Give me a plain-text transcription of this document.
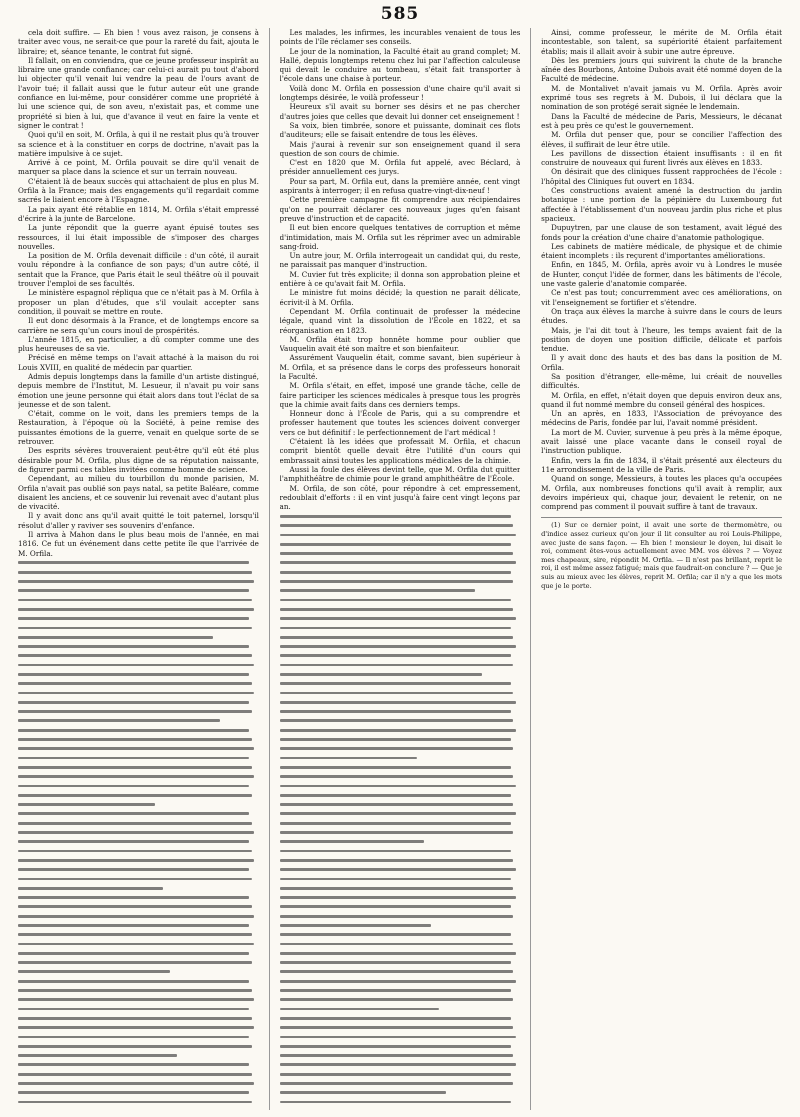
585

cela doit suffire. — Eh bien ! vous avez raison, je consens à traiter avec vous, ne serait-ce que pour la rareté du fait, ajouta le libraire; et, séance tenante, le contrat fut signé.

Il fallait, on en conviendra, que ce jeune professeur inspirât au libraire une grande confiance; car celui-ci aurait pu tout d'abord lui objecter qu'il venait lui vendre la peau de l'ours avant de l'avoir tué; il fallait aussi que le futur auteur eût une grande confiance en lui-même, pour considérer comme une propriété à lui une science qui, de son aveu, n'existait pas, et comme une propriété si bien à lui, que d'avance il veut en faire la vente et signer le contrat !

Quoi qu'il en soit, M. Orfila, à qui il ne restait plus qu'à trouver sa science et à la constituer en corps de doctrine, n'avait pas la matière impulsive à ce sujet.

Arrivé à ce point, M. Orfila pouvait se dire qu'il venait de marquer sa place dans la science et sur un terrain nouveau.

C'étaient là de beaux succès qui attachaient de plus en plus M. Orfila à la France; mais des engagements qu'il regardait comme sacrés le liaient encore à l'Espagne.

La paix ayant été rétablie en 1814, M. Orfila s'était empressé d'écrire à la junte de Barcelone.

La junte répondit que la guerre ayant épuisé toutes ses ressources, il lui était impossible de s'imposer des charges nouvelles.

La position de M. Orfila devenait difficile : d'un côté, il aurait voulu répondre à la confiance de son pays; d'un autre côté, il sentait que la France, que Paris était le seul théâtre où il pouvait trouver l'emploi de ses facultés.

Le ministère espagnol répliqua que ce n'était pas à M. Orfila à proposer un plan d'études, que s'il voulait accepter sans condition, il pouvait se mettre en route.

Il eut donc désormais à la France, et de longtemps encore sa carrière ne sera qu'un cours inouï de prospérités.

L'année 1815, en particulier, a dû compter comme une des plus heureuses de sa vie.

Précisé en même temps on l'avait attaché à la maison du roi Louis XVIII, en qualité de médecin par quartier.

Admis depuis longtemps dans la famille d'un artiste distingué, depuis membre de l'Institut, M. Lesueur, il n'avait pu voir sans émotion une jeune personne qui était alors dans tout l'éclat de sa jeunesse et de son talent.

C'était, comme on le voit, dans les premiers temps de la Restauration, à l'époque où la Société, à peine remise des puissantes émotions de la guerre, venait en quelque sorte de se retrouver.

Des esprits sévères trouveraient peut-être qu'il eût été plus désirable pour M. Orfila, plus digne de sa réputation naissante, de figurer parmi ces tables invitées comme homme de science.

Cependant, au milieu du tourbillon du monde parisien, M. Orfila n'avait pas oublié son pays natal, sa petite Baléare, comme disaient les anciens, et ce souvenir lui revenait avec d'autant plus de vivacité.

Il y avait donc ans qu'il avait quitté le toit paternel, lorsqu'il résolut d'aller y raviver ses souvenirs d'enfance.

Il arriva à Mahon dans le plus beau mois de l'année, en mai 1816. Ce fut un événement dans cette petite île que l'arrivée de M. Orfila.

Les malades, les infirmes, les incurables venaient de tous les points de l'île réclamer ses conseils.

Le jour de la nomination, la Faculté était au grand complet; M. Hallé, depuis longtemps retenu chez lui par l'affection calculeuse qui devait le conduire au tombeau, s'était fait transporter à l'école dans une chaise à porteur.

Voilà donc M. Orfila en possession d'une chaire qu'il avait si longtemps désirée, le voilà professeur !

Heureux s'il avait su borner ses désirs et ne pas chercher d'autres joies que celles que devait lui donner cet enseignement !

Sa voix, bien timbrée, sonore et puissante, dominait ces flots d'auditeurs; elle se faisait entendre de tous les élèves.

Mais j'aurai à revenir sur son enseignement quand il sera question de son cours de chimie.

C'est en 1820 que M. Orfila fut appelé, avec Béclard, à présider annuellement ces jurys.

Pour sa part, M. Orfila eut, dans la première année, cent vingt aspirants à interroger; il en refusa quatre-vingt-dix-neuf !

Cette première campagne fit comprendre aux récipiendaires qu'on ne pourrait déclarer ces nouveaux juges qu'en faisant preuve d'instruction et de capacité.

Il eut bien encore quelques tentatives de corruption et même d'intimidation, mais M. Orfila sut les réprimer avec un admirable sang-froid.

Un autre jour, M. Orfila interrogeait un candidat qui, du reste, ne paraissait pas manquer d'instruction.

M. Cuvier fut très explicite; il donna son approbation pleine et entière à ce qu'avait fait M. Orfila.

Le ministre fut moins décidé; la question ne parait délicate, écrivit-il à M. Orfila.

Cependant M. Orfila continuait de professer la médecine légale, quand vint la dissolution de l'École en 1822, et sa réorganisation en 1823.

M. Orfila était trop honnête homme pour oublier que Vauquelin avait été son maître et son bienfaiteur.

Assurément Vauquelin était, comme savant, bien supérieur à M. Orfila, et sa présence dans le corps des professeurs honorait la Faculté.

M. Orfila s'était, en effet, imposé une grande tâche, celle de faire participer les sciences médicales à presque tous les progrès que la chimie avait faits dans ces derniers temps.

Honneur donc à l'École de Paris, qui a su comprendre et professer hautement que toutes les sciences doivent converger vers ce but définitif : le perfectionnement de l'art médical !

C'étaient là les idées que professait M. Orfila, et chacun comprit bientôt quelle devait être l'utilité d'un cours qui embrassait ainsi toutes les applications médicales de la chimie.

Aussi la foule des élèves devint telle, que M. Orfila dut quitter l'amphithéâtre de chimie pour le grand amphithéâtre de l'École.

M. Orfila, de son côté, pour répondre à cet empressement, redoublait d'efforts : il en vint jusqu'à faire cent vingt leçons par an.

Ainsi, comme professeur, le mérite de M. Orfila était incontestable, son talent, sa supériorité étaient parfaitement établis; mais il allait avoir à subir une autre épreuve.

Dès les premiers jours qui suivirent la chute de la branche aînée des Bourbons, Antoine Dubois avait été nommé doyen de la Faculté de médecine.

M. de Montalivet n'avait jamais vu M. Orfila. Après avoir exprimé tous ses regrets à M. Dubois, il lui déclara que la nomination de son protégé serait signée le lendemain.

Dans la Faculté de médecine de Paris, Messieurs, le décanat est à peu près ce qu'est le gouvernement.

M. Orfila dut penser que, pour se concilier l'affection des élèves, il suffirait de leur être utile.

Les pavillons de dissection étaient insuffisants : il en fit construire de nouveaux qui furent livrés aux élèves en 1833.

On désirait que des cliniques fussent rapprochées de l'école : l'hôpital des Cliniques fut ouvert en 1834.

Ces constructions avaient amené la destruction du jardin botanique : une portion de la pépinière du Luxembourg fut affectée à l'établissement d'un nouveau jardin plus riche et plus spacieux.

Dupuytren, par une clause de son testament, avait légué des fonds pour la création d'une chaire d'anatomie pathologique.

Les cabinets de matière médicale, de physique et de chimie étaient incomplets : ils reçurent d'importantes améliorations.

Enfin, en 1845, M. Orfila, après avoir vu à Londres le musée de Hunter, conçut l'idée de former, dans les bâtiments de l'école, une vaste galerie d'anatomie comparée.

Ce n'est pas tout; concurremment avec ces améliorations, on vit l'enseignement se fortifier et s'étendre.

On traça aux élèves la marche à suivre dans le cours de leurs études.

Mais, je l'ai dit tout à l'heure, les temps avaient fait de la position de doyen une position difficile, délicate et parfois tendue.

Il y avait donc des hauts et des bas dans la position de M. Orfila.

Sa position d'étranger, elle-même, lui créait de nouvelles difficultés.

M. Orfila, en effet, n'était doyen que depuis environ deux ans, quand il fut nommé membre du conseil général des hospices.

Un an après, en 1833, l'Association de prévoyance des médecins de Paris, fondée par lui, l'avait nommé président.

La mort de M. Cuvier, survenue à peu près à la même époque, avait laissé une place vacante dans le conseil royal de l'instruction publique.

Enfin, vers la fin de 1834, il s'était présenté aux électeurs du 11e arrondissement de la ville de Paris.

Quand on songe, Messieurs, à toutes les places qu'a occupées M. Orfila, aux nombreuses fonctions qu'il avait à remplir, aux devoirs impérieux qui, chaque jour, devaient le retenir, on ne comprend pas comment il pouvait suffire à tant de travaux.

(1) Sur ce dernier point, il avait une sorte de thermomètre, ou d'indice assez curieux qu'on jour il lit consulter au roi Louis-Philippe, avec juste de sans façon. — Eh bien ! monsieur le doyen, lui disait le roi, comment êtes-vous actuellement avec MM. vos élèves ? — Voyez mes chapeaux, sire, répondit M. Orfila. — Il n'est pas brillant, reprit le roi, il est même assez fatigué; mais que faudrait-on conclure ? — Que je suis au mieux avec les élèves, reprit M. Orfila; car il n'y a que les mots que je le porte.
